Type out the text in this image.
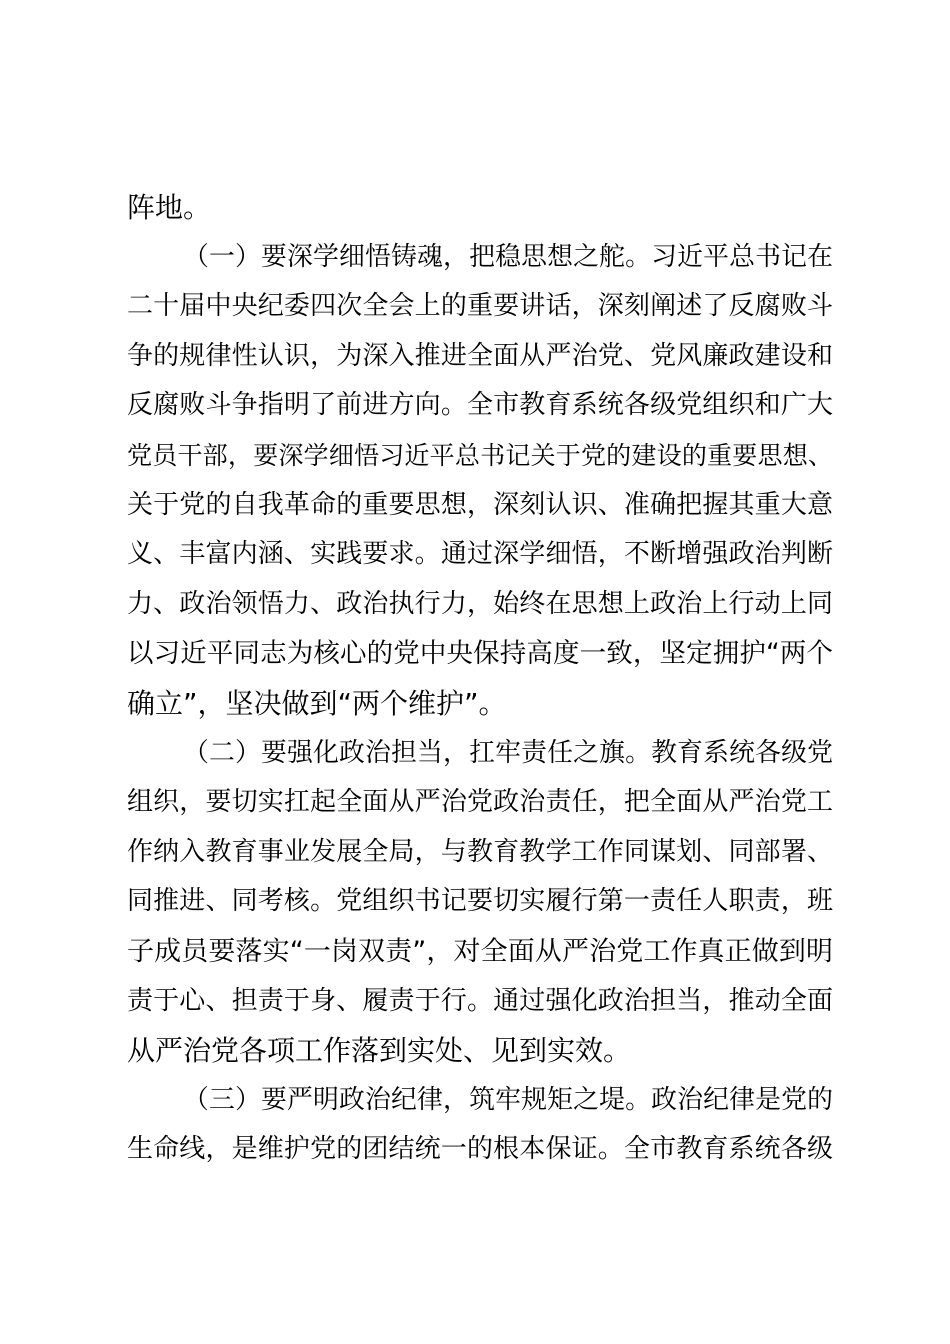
阵地。
（一）要深学细悟铸魂，把稳思想之舵。习近平总书记在
二十届中央纪委四次全会上的重要讲话，深刻阐述了反腐败斗
争的规律性认识，为深入推进全面从严治党、党风廉政建设和
反腐败斗争指明了前进方向。全市教育系统各级党组织和广大
党员干部，要深学细悟习近平总书记关于党的建设的重要思想、
关于党的自我革命的重要思想，深刻认识、准确把握其重大意
义、丰富内涵、实践要求。通过深学细悟，不断增强政治判断
力、政治领悟力、政治执行力，始终在思想上政治上行动上同
以习近平同志为核心的党中央保持高度一致，坚定拥护“两个
确立”，坚决做到“两个维护”。
（二）要强化政治担当，扛牢责任之旗。教育系统各级党
组织，要切实扛起全面从严治党政治责任，把全面从严治党工
作纳入教育事业发展全局，与教育教学工作同谋划、同部署、
同推进、同考核。党组织书记要切实履行第一责任人职责，班
子成员要落实“一岗双责”，对全面从严治党工作真正做到明
责于心、担责于身、履责于行。通过强化政治担当，推动全面
从严治党各项工作落到实处、见到实效。
（三）要严明政治纪律，筑牢规矩之堤。政治纪律是党的
生命线，是维护党的团结统一的根本保证。全市教育系统各级
